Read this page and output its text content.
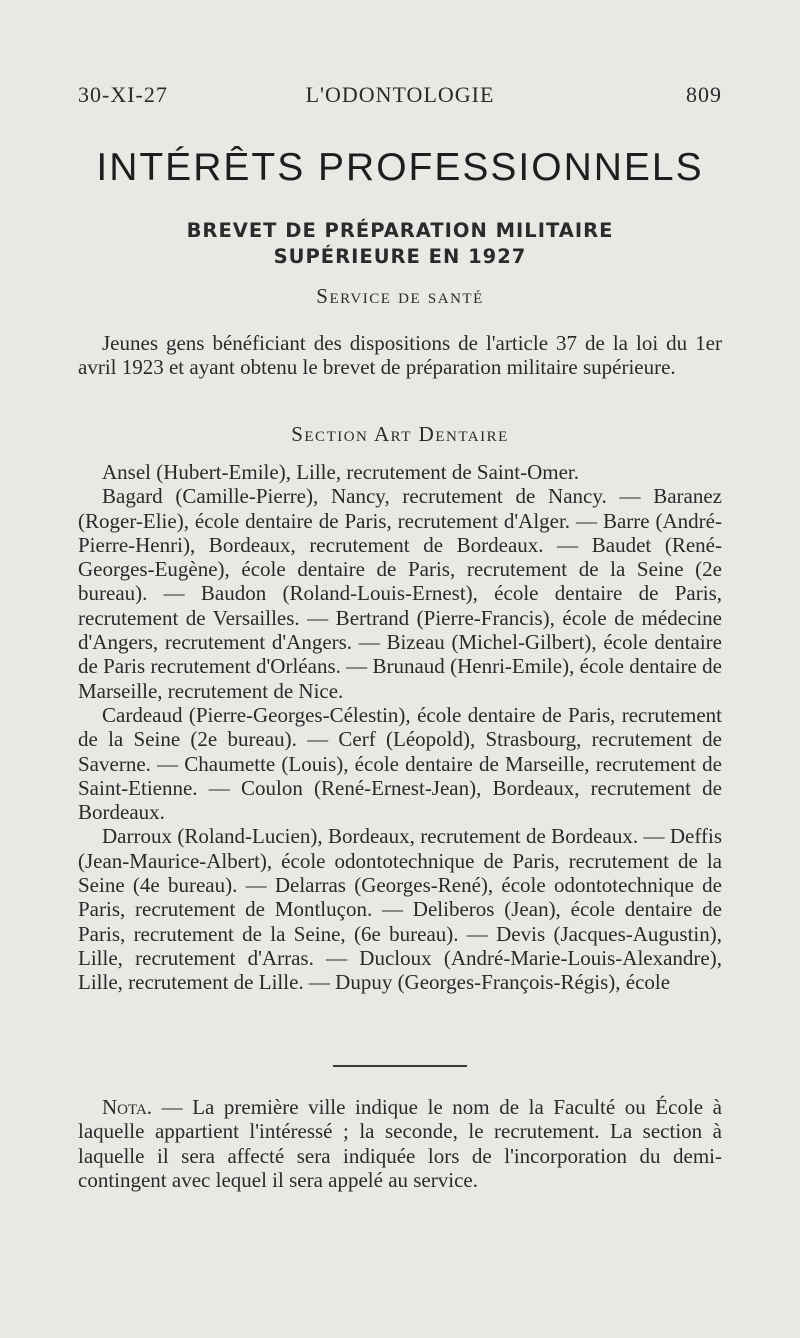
30-XI-27	L'ODONTOLOGIE	809
INTÉRÊTS PROFESSIONNELS
BREVET DE PRÉPARATION MILITAIRE
SUPÉRIEURE EN 1927
Service de santé

Jeunes gens bénéficiant des dispositions de l'article 37 de la loi du 1er avril 1923 et ayant obtenu le brevet de préparation militaire supérieure.

Section Art Dentaire

Ansel (Hubert-Emile), Lille, recrutement de Saint-Omer.

Bagard (Camille-Pierre), Nancy, recrutement de Nancy. — Baranez (Roger-Elie), école dentaire de Paris, recrutement d'Alger. — Barre (André-Pierre-Henri), Bordeaux, recrutement de Bordeaux. — Baudet (René-Georges-Eugène), école dentaire de Paris, recrutement de la Seine (2e bureau). — Baudon (Roland-Louis-Ernest), école dentaire de Paris, recrutement de Versailles. — Bertrand (Pierre-Francis), école de médecine d'Angers, recrutement d'Angers. — Bizeau (Michel-Gilbert), école dentaire de Paris recrutement d'Orléans. — Brunaud (Henri-Emile), école dentaire de Marseille, recrutement de Nice.

Cardeaud (Pierre-Georges-Célestin), école dentaire de Paris, recrutement de la Seine (2e bureau). — Cerf (Léopold), Strasbourg, recrutement de Saverne. — Chaumette (Louis), école dentaire de Marseille, recrutement de Saint-Etienne. — Coulon (René-Ernest-Jean), Bordeaux, recrutement de Bordeaux.

Darroux (Roland-Lucien), Bordeaux, recrutement de Bordeaux. — Deffis (Jean-Maurice-Albert), école odontotechnique de Paris, recrutement de la Seine (4e bureau). — Delarras (Georges-René), école odontotechnique de Paris, recrutement de Montluçon. — Deliberos (Jean), école dentaire de Paris, recrutement de la Seine, (6e bureau). — Devis (Jacques-Augustin), Lille, recrutement d'Arras. — Ducloux (André-Marie-Louis-Alexandre), Lille, recrutement de Lille. — Dupuy (Georges-François-Régis), école

Nota. — La première ville indique le nom de la Faculté ou École à laquelle appartient l'intéressé ; la seconde, le recrutement. La section à laquelle il sera affecté sera indiquée lors de l'incorporation du demi-contingent avec lequel il sera appelé au service.
